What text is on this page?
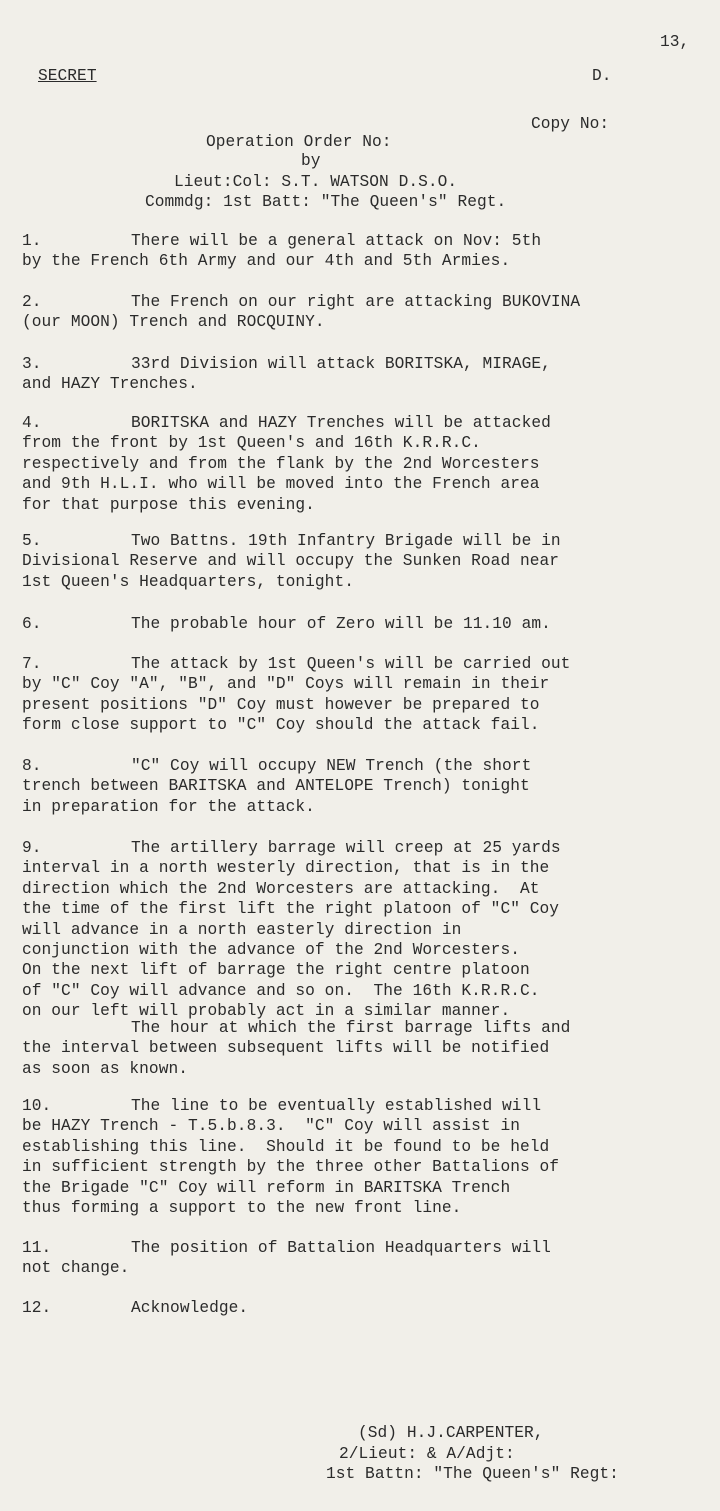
13,
SECRET	D.
Copy No:
Operation Order No:
by
Lieut:Col: S.T. WATSON D.S.O.
Commdg: 1st Batt: "The Queen's" Regt.
1.	There will be a general attack on Nov: 5th
by the French 6th Army and our 4th and 5th Armies.
2.	The French on our right are attacking BUKOVINA
(our MOON) Trench and ROCQUINY.
3.	33rd Division will attack BORITSKA, MIRAGE,
and HAZY Trenches.
4.	BORITSKA and HAZY Trenches will be attacked
from the front by 1st Queen's and 16th K.R.R.C.
respectively and from the flank by the 2nd Worcesters
and 9th H.L.I. who will be moved into the French area
for that purpose this evening.
5.	Two Battns. 19th Infantry Brigade will be in
Divisional Reserve and will occupy the Sunken Road near
1st Queen's Headquarters, tonight.
6.	The probable hour of Zero will be 11.10 am.
7.	The attack by 1st Queen's will be carried out
by "C" Coy "A", "B", and "D" Coys will remain in their
present positions "D" Coy must however be prepared to
form close support to "C" Coy should the attack fail.
8.	"C" Coy will occupy NEW Trench (the short
trench between BARITSKA and ANTELOPE Trench) tonight
in preparation for the attack.
9.	The artillery barrage will creep at 25 yards
interval in a north westerly direction, that is in the
direction which the 2nd Worcesters are attacking.  At
the time of the first lift the right platoon of "C" Coy
will advance in a north easterly direction in
conjunction with the advance of the 2nd Worcesters.
On the next lift of barrage the right centre platoon
of "C" Coy will advance and so on.  The 16th K.R.R.C.
on our left will probably act in a similar manner.
The hour at which the first barrage lifts and
the interval between subsequent lifts will be notified
as soon as known.
10.	The line to be eventually established will
be HAZY Trench - T.5.b.8.3.  "C" Coy will assist in
establishing this line.  Should it be found to be held
in sufficient strength by the three other Battalions of
the Brigade "C" Coy will reform in BARITSKA Trench
thus forming a support to the new front line.
11.	The position of Battalion Headquarters will
not change.
12.	Acknowledge.
(Sd) H.J.CARPENTER,
2/Lieut: & A/Adjt:
1st Battn: "The Queen's" Regt:
